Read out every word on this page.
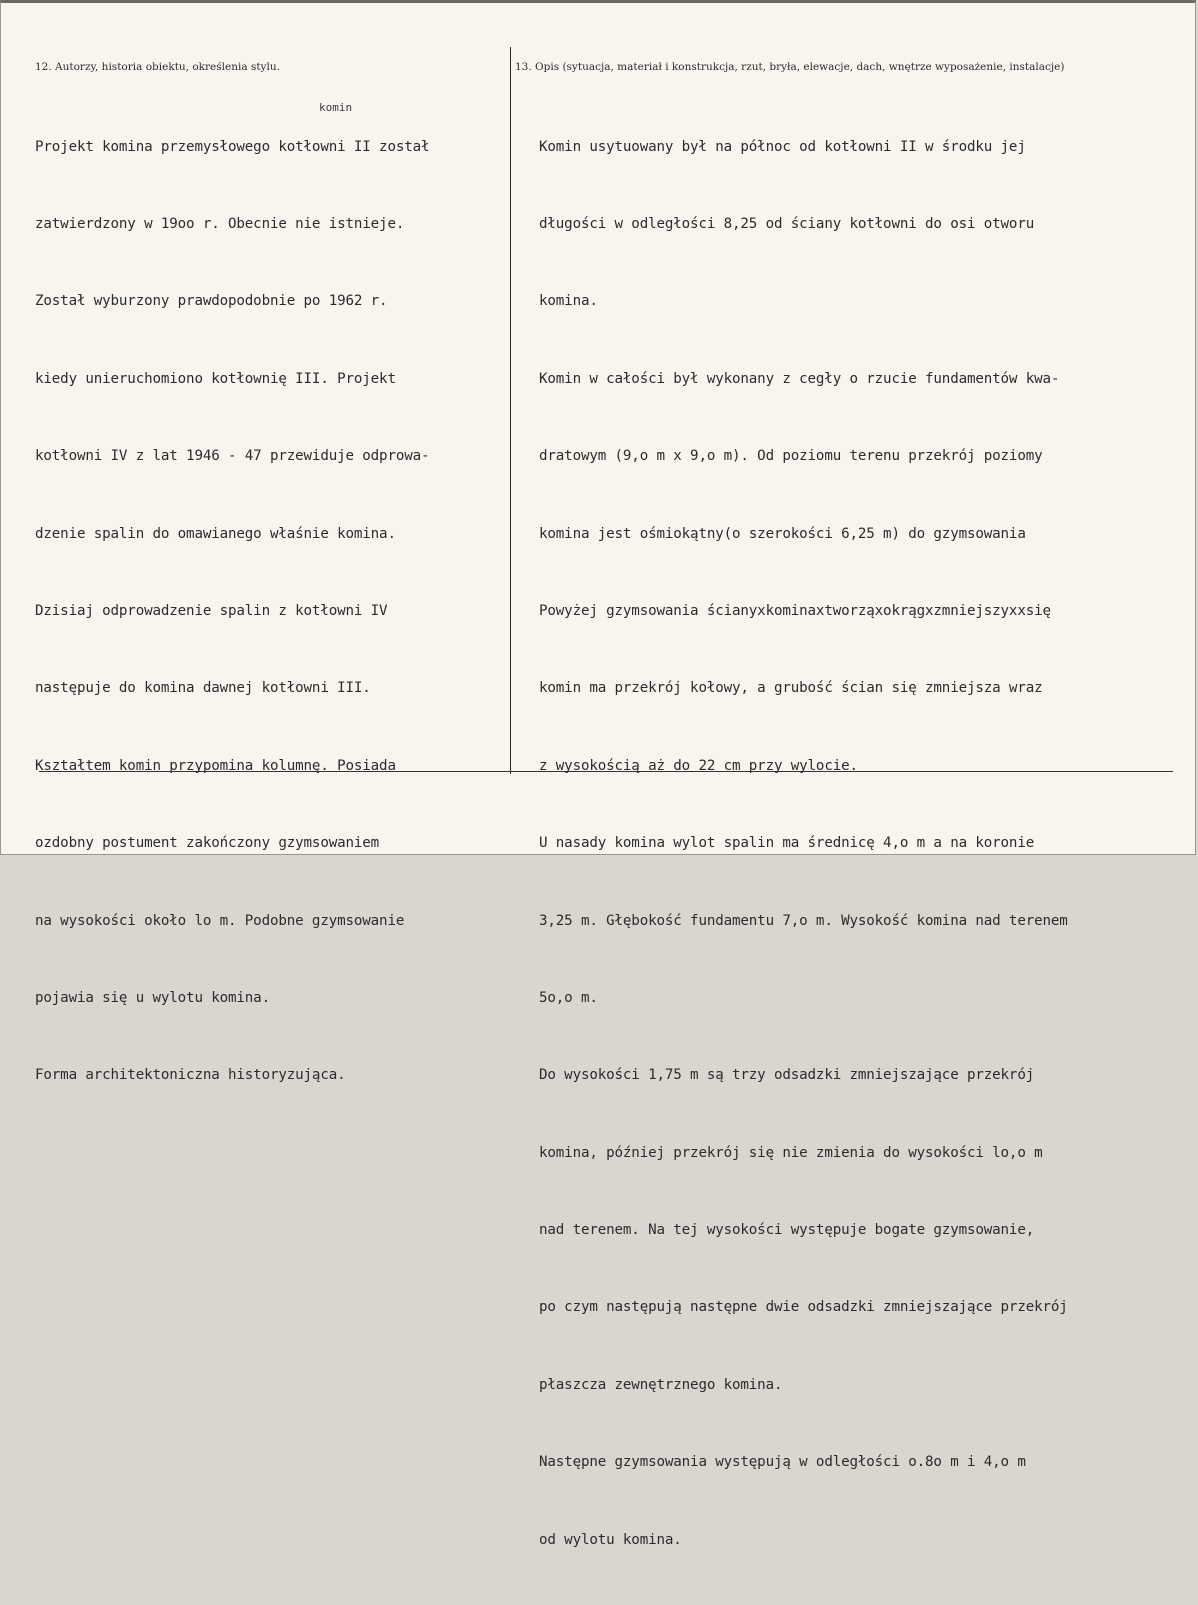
12. Autorzy, historia obiektu, określenia stylu.	13. Opis (sytuacja, materiał i konstrukcja, rzut, bryła, elewacje, dach, wnętrze wyposażenie, instalacje)
komin

Projekt komina przemysłowego kotłowni II został

zatwierdzony w 19oo r. Obecnie nie istnieje.

Został wyburzony prawdopodobnie po 1962 r.

kiedy unieruchomiono kotłownię III. Projekt

kotłowni IV z lat 1946 - 47 przewiduje odprowa-

dzenie spalin do omawianego właśnie komina.

Dzisiaj odprowadzenie spalin z kotłowni IV

następuje do komina dawnej kotłowni III.

Kształtem komin przypomina kolumnę. Posiada

ozdobny postument zakończony gzymsowaniem

na wysokości około lo m. Podobne gzymsowanie

pojawia się u wylotu komina.

Forma architektoniczna historyzująca.

Komin usytuowany był na północ od kotłowni II w środku jej

długości w odległości 8,25 od ściany kotłowni do osi otworu

komina.

Komin w całości był wykonany z cegły o rzucie fundamentów kwa-

dratowym (9,o m x 9,o m). Od poziomu terenu przekrój poziomy

komina jest ośmiokątny(o szerokości 6,25 m) do gzymsowania

Powyżej gzymsowania ścianyxkominaxtworząxokrągxzmniejszyxxsię

komin ma przekrój kołowy, a grubość ścian się zmniejsza wraz

z wysokością aż do 22 cm przy wylocie.

U nasady komina wylot spalin ma średnicę 4,o m a na koronie

3,25 m. Głębokość fundamentu 7,o m. Wysokość komina nad terenem

5o,o m.

Do wysokości 1,75 m są trzy odsadzki zmniejszające przekrój

komina, później przekrój się nie zmienia do wysokości lo,o m

nad terenem. Na tej wysokości występuje bogate gzymsowanie,

po czym następują następne dwie odsadzki zmniejszające przekrój

płaszcza zewnętrznego komina.

Następne gzymsowania występują w odległości o.8o m i 4,o m

od wylotu komina.
